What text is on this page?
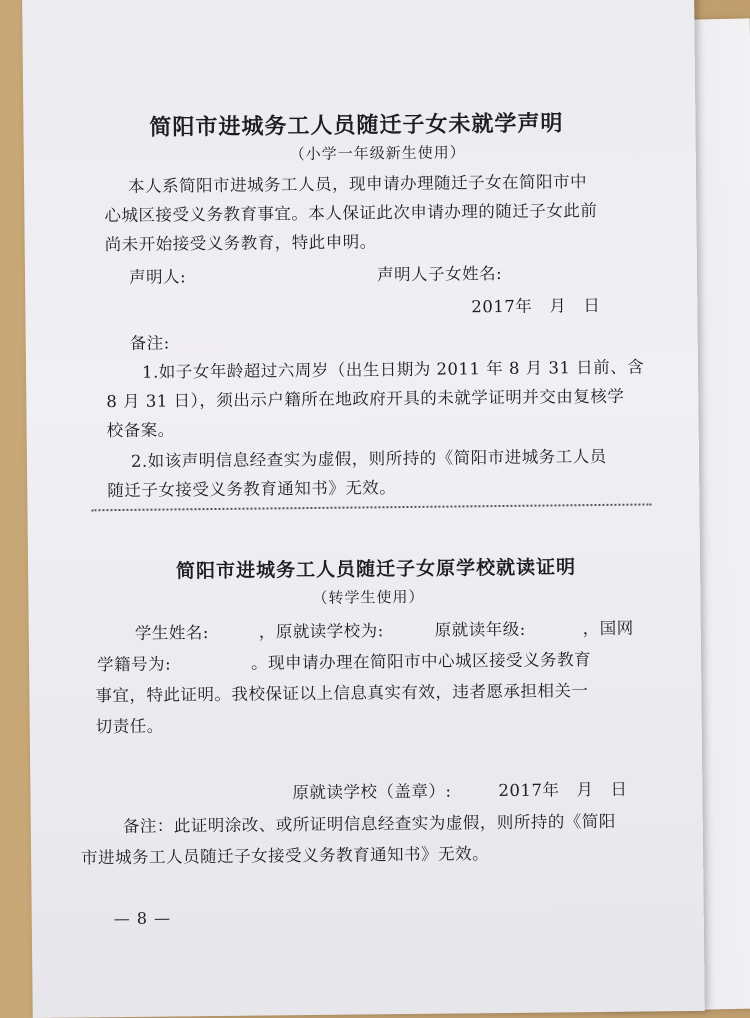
简阳市进城务工人员随迁子女未就学声明
（小学一年级新生使用）
本人系简阳市进城务工人员，现申请办理随迁子女在简阳市中
心城区接受义务教育事宜。本人保证此次申请办理的随迁子女此前
尚未开始接受义务教育，特此申明。
声明人:	声明人子女姓名:
2017年　月　日
备注:
1.如子女年龄超过六周岁（出生日期为 2011 年 8 月 31 日前、含
8 月 31 日），须出示户籍所在地政府开具的未就学证明并交由复核学
校备案。
2.如该声明信息经查实为虚假，则所持的《简阳市进城务工人员
随迁子女接受义务教育通知书》无效。
简阳市进城务工人员随迁子女原学校就读证明
（转学生使用）
学生姓名:	，原就读学校为:	原就读年级:	，国网
学籍号为:	。现申请办理在简阳市中心城区接受义务教育
事宜，特此证明。我校保证以上信息真实有效，违者愿承担相关一
切责任。
原就读学校（盖章）:	2017年　月　日
备注：此证明涂改、或所证明信息经查实为虚假，则所持的《简阳
市进城务工人员随迁子女接受义务教育通知书》无效。
— 8 —
